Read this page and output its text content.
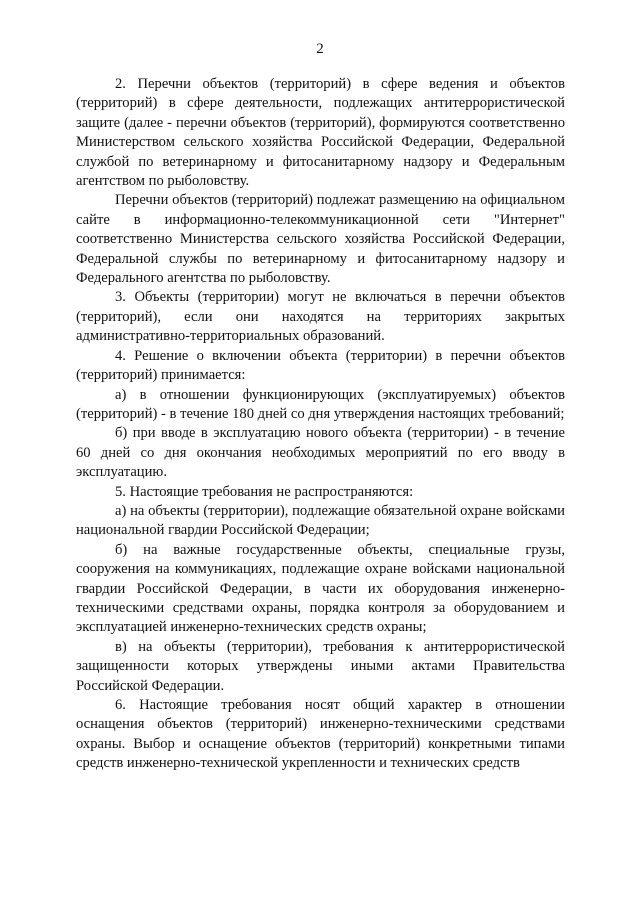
2

2. Перечни объектов (территорий) в сфере ведения и объектов (территорий) в сфере деятельности, подлежащих антитеррористической защите (далее - перечни объектов (территорий), формируются соответственно Министерством сельского хозяйства Российской Федерации, Федеральной службой по ветеринарному и фитосанитарному надзору и Федеральным агентством по рыболовству.

Перечни объектов (территорий) подлежат размещению на официальном сайте в информационно-телекоммуникационной сети "Интернет" соответственно Министерства сельского хозяйства Российской Федерации, Федеральной службы по ветеринарному и фитосанитарному надзору и Федерального агентства по рыболовству.

3. Объекты (территории) могут не включаться в перечни объектов (территорий), если они находятся на территориях закрытых административно-территориальных образований.

4. Решение о включении объекта (территории) в перечни объектов (территорий) принимается:

а) в отношении функционирующих (эксплуатируемых) объектов (территорий) - в течение 180 дней со дня утверждения настоящих требований;

б) при вводе в эксплуатацию нового объекта (территории) - в течение 60 дней со дня окончания необходимых мероприятий по его вводу в эксплуатацию.

5. Настоящие требования не распространяются:

а) на объекты (территории), подлежащие обязательной охране войсками национальной гвардии Российской Федерации;

б) на важные государственные объекты, специальные грузы, сооружения на коммуникациях, подлежащие охране войсками национальной гвардии Российской Федерации, в части их оборудования инженерно-техническими средствами охраны, порядка контроля за оборудованием и эксплуатацией инженерно-технических средств охраны;

в) на объекты (территории), требования к антитеррористической защищенности которых утверждены иными актами Правительства Российской Федерации.

6. Настоящие требования носят общий характер в отношении оснащения объектов (территорий) инженерно-техническими средствами охраны. Выбор и оснащение объектов (территорий) конкретными типами средств инженерно-технической укрепленности и технических средств
